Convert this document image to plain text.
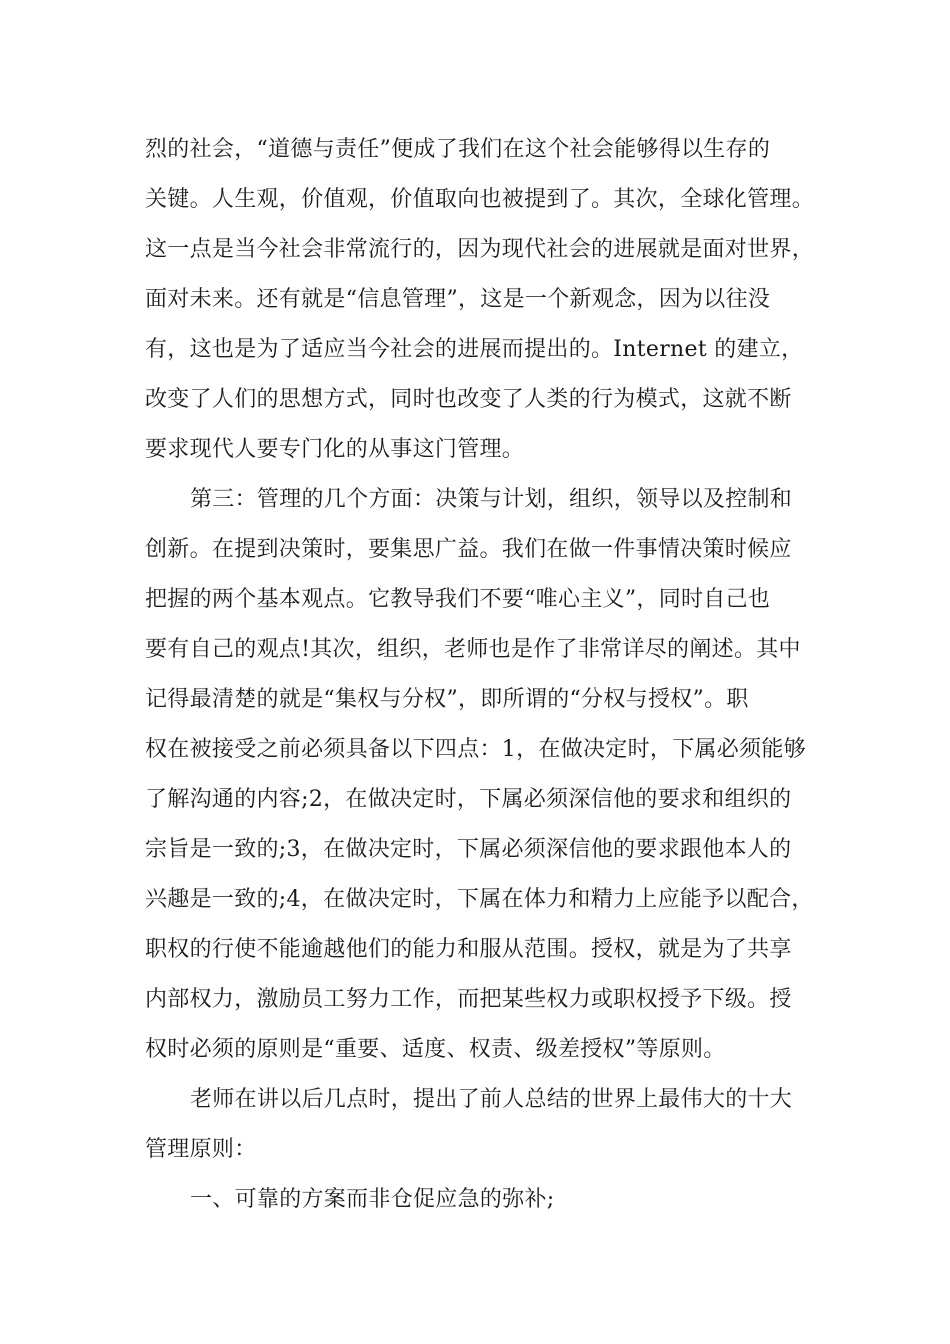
烈的社会，“道德与责任”便成了我们在这个社会能够得以生存的
关键。人生观，价值观，价值取向也被提到了。其次，全球化管理。
这一点是当今社会非常流行的，因为现代社会的进展就是面对世界，
面对未来。还有就是“信息管理”，这是一个新观念，因为以往没
有，这也是为了适应当今社会的进展而提出的。Internet 的建立，
改变了人们的思想方式，同时也改变了人类的行为模式，这就不断
要求现代人要专门化的从事这门管理。
第三：管理的几个方面：决策与计划，组织，领导以及控制和
创新。在提到决策时，要集思广益。我们在做一件事情决策时候应
把握的两个基本观点。它教导我们不要“唯心主义”，同时自己也
要有自己的观点!其次，组织，老师也是作了非常详尽的阐述。其中
记得最清楚的就是“集权与分权”，即所谓的“分权与授权”。职
权在被接受之前必须具备以下四点：1，在做决定时，下属必须能够
了解沟通的内容;2，在做决定时，下属必须深信他的要求和组织的
宗旨是一致的;3，在做决定时，下属必须深信他的要求跟他本人的
兴趣是一致的;4，在做决定时，下属在体力和精力上应能予以配合，
职权的行使不能逾越他们的能力和服从范围。授权，就是为了共享
内部权力，激励员工努力工作，而把某些权力或职权授予下级。授
权时必须的原则是“重要、适度、权责、级差授权”等原则。
老师在讲以后几点时，提出了前人总结的世界上最伟大的十大
管理原则：
一、可靠的方案而非仓促应急的弥补;
